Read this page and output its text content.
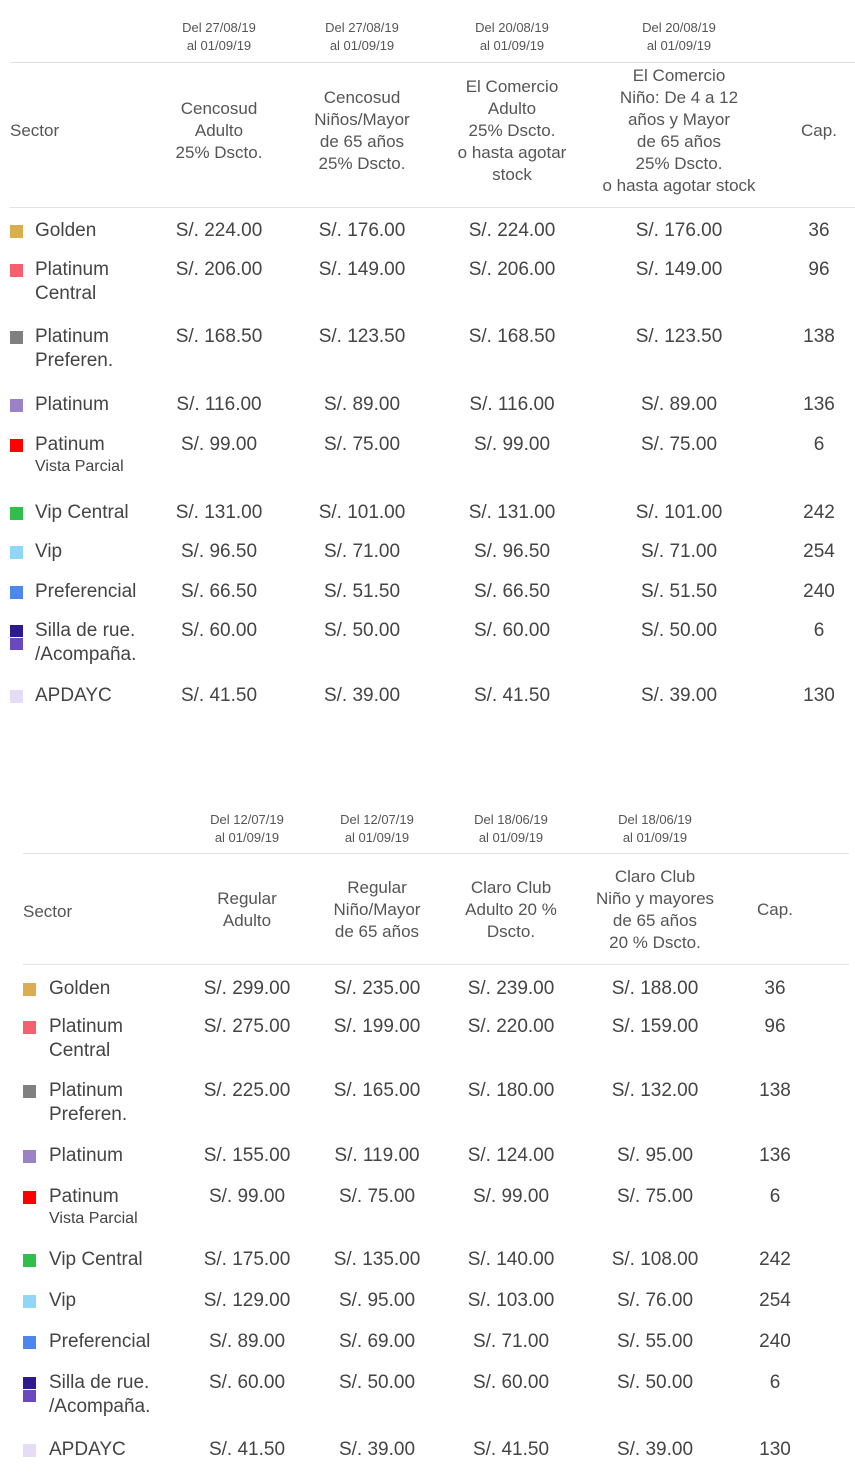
Del 27/08/19
al 01/09/19
Del 27/08/19
al 01/09/19
Del 20/08/19
al 01/09/19
Del 20/08/19
al 01/09/19
Sector
Cencosud
Adulto
25% Dscto.
Cencosud
Niños/Mayor
de 65 años
25% Dscto.
El Comercio
Adulto
25% Dscto.
o hasta agotar
stock
El Comercio
Niño: De 4 a 12
años y Mayor
de 65 años
25% Dscto.
o hasta agotar stock
Cap.
Golden	S/. 224.00	S/. 176.00	S/. 224.00	S/. 176.00	36
Platinum
Central
S/. 206.00	S/. 149.00	S/. 206.00	S/. 149.00	96
Platinum
Preferen.
S/. 168.50	S/. 123.50	S/. 168.50	S/. 123.50	138
Platinum	S/. 116.00	S/. 89.00	S/. 116.00	S/. 89.00	136
Patinum
Vista Parcial
S/. 99.00	S/. 75.00	S/. 99.00	S/. 75.00	6
Vip Central S/. 131.00	S/. 101.00	S/. 131.00	S/. 101.00	242
Vip	S/. 96.50	S/. 71.00	S/. 96.50	S/. 71.00	254
Preferencial S/. 66.50	S/. 51.50	S/. 66.50	S/. 51.50	240
Silla de rue.
/Acompaña.
S/. 60.00	S/. 50.00	S/. 60.00	S/. 50.00	6
APDAYC	S/. 41.50	S/. 39.00	S/. 41.50	S/. 39.00	130
Del 12/07/19
al 01/09/19
Del 12/07/19
al 01/09/19
Del 18/06/19
al 01/09/19
Del 18/06/19
al 01/09/19
Sector
Regular
Adulto
Regular
Niño/Mayor
de 65 años
Claro Club
Adulto 20 %
Dscto.
Claro Club
Niño y mayores
de 65 años
20 % Dscto.
Cap.
Golden	S/. 299.00 S/. 235.00 S/. 239.00	S/. 188.00	36
Platinum
Central
S/. 275.00 S/. 199.00 S/. 220.00	S/. 159.00	96
Platinum
Preferen.
S/. 225.00 S/. 165.00 S/. 180.00	S/. 132.00	138
Platinum	S/. 155.00 S/. 119.00	S/. 124.00	S/. 95.00	136
Patinum
Vista Parcial
S/. 99.00	S/. 75.00	S/. 99.00	S/. 75.00	6
Vip Central	S/. 175.00 S/. 135.00 S/. 140.00	S/. 108.00	242
Vip	S/. 129.00	S/. 95.00	S/. 103.00	S/. 76.00	254
Preferencial	S/. 89.00	S/. 69.00	S/. 71.00	S/. 55.00	240
Silla de rue.
/Acompaña.
S/. 60.00	S/. 50.00	S/. 60.00	S/. 50.00	6
APDAYC	S/. 41.50	S/. 39.00	S/. 41.50	S/. 39.00	130
